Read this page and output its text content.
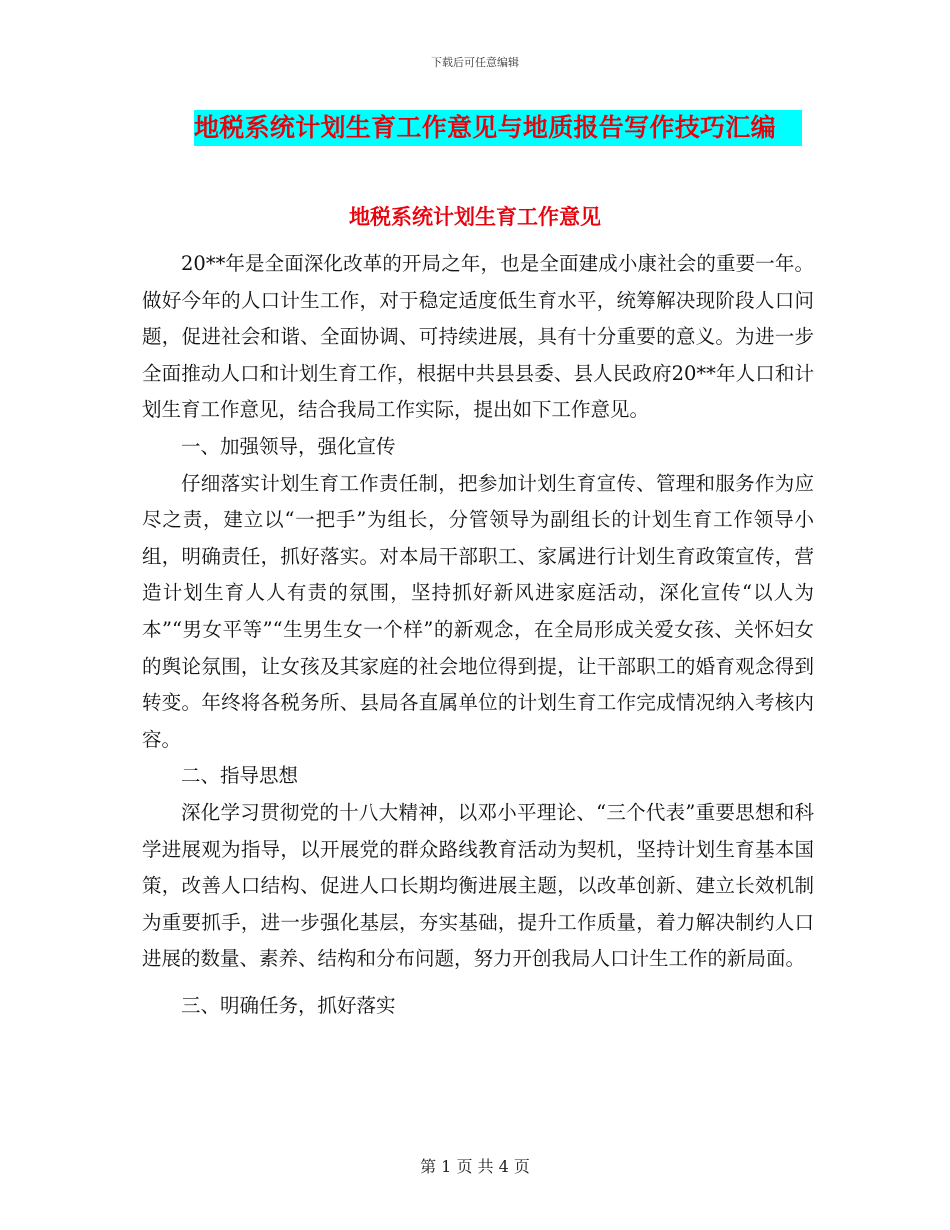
下载后可任意编辑
地税系统计划生育工作意见与地质报告写作技巧汇编
地税系统计划生育工作意见

20**年是全面深化改革的开局之年，也是全面建成小康社会的重要一年。做好今年的人口计生工作，对于稳定适度低生育水平，统筹解决现阶段人口问题，促进社会和谐、全面协调、可持续进展，具有十分重要的意义。为进一步全面推动人口和计划生育工作，根据中共县县委、县人民政府20**年人口和计划生育工作意见，结合我局工作实际，提出如下工作意见。

一、加强领导，强化宣传

仔细落实计划生育工作责任制，把参加计划生育宣传、管理和服务作为应尽之责，建立以“一把手”为组长，分管领导为副组长的计划生育工作领导小组，明确责任，抓好落实。对本局干部职工、家属进行计划生育政策宣传，营造计划生育人人有责的氛围，坚持抓好新风进家庭活动，深化宣传“以人为本”“男女平等”“生男生女一个样”的新观念，在全局形成关爱女孩、关怀妇女的舆论氛围，让女孩及其家庭的社会地位得到提，让干部职工的婚育观念得到转变。年终将各税务所、县局各直属单位的计划生育工作完成情况纳入考核内容。

二、指导思想

深化学习贯彻党的十八大精神，以邓小平理论、“三个代表”重要思想和科学进展观为指导，以开展党的群众路线教育活动为契机，坚持计划生育基本国策，改善人口结构、促进人口长期均衡进展主题，以改革创新、建立长效机制为重要抓手，进一步强化基层，夯实基础，提升工作质量，着力解决制约人口进展的数量、素养、结构和分布问题，努力开创我局人口计生工作的新局面。

三、明确任务，抓好落实

第 1 页 共 4 页
